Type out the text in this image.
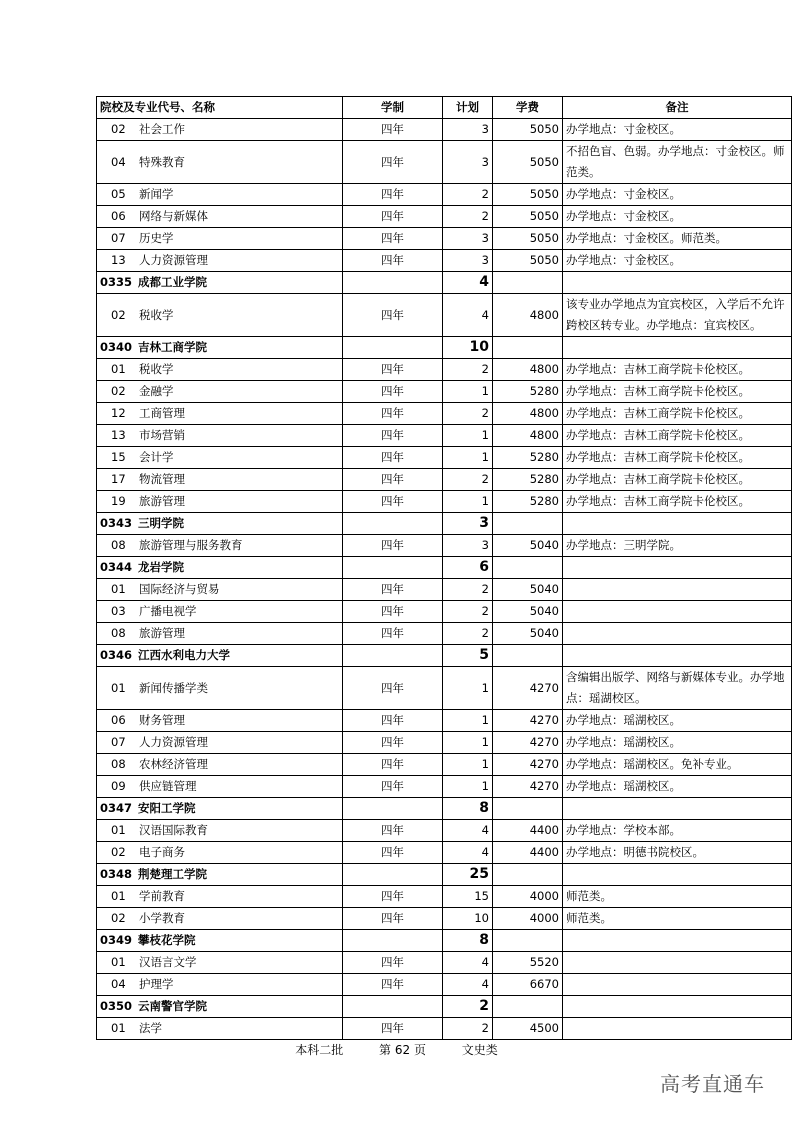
院校及专业代号、名称	学制	计划	学费	备注
02 社会工作	四年	3	5050	办学地点：寸金校区。
04 特殊教育	四年	3	5050	不招色盲、色弱。办学地点：寸金校区。师范类。
05 新闻学	四年	2	5050	办学地点：寸金校区。
06 网络与新媒体	四年	2	5050	办学地点：寸金校区。
07 历史学	四年	3	5050	办学地点：寸金校区。师范类。
13 人力资源管理	四年	3	5050	办学地点：寸金校区。
0335 成都工业学院		4		
02 税收学	四年	4	4800	该专业办学地点为宜宾校区，入学后不允许跨校区转专业。办学地点：宜宾校区。
0340 吉林工商学院		10		
01 税收学	四年	2	4800	办学地点：吉林工商学院卡伦校区。
02 金融学	四年	1	5280	办学地点：吉林工商学院卡伦校区。
12 工商管理	四年	2	4800	办学地点：吉林工商学院卡伦校区。
13 市场营销	四年	1	4800	办学地点：吉林工商学院卡伦校区。
15 会计学	四年	1	5280	办学地点：吉林工商学院卡伦校区。
17 物流管理	四年	2	5280	办学地点：吉林工商学院卡伦校区。
19 旅游管理	四年	1	5280	办学地点：吉林工商学院卡伦校区。
0343 三明学院		3		
08 旅游管理与服务教育	四年	3	5040	办学地点：三明学院。
0344 龙岩学院		6		
01 国际经济与贸易	四年	2	5040	
03 广播电视学	四年	2	5040	
08 旅游管理	四年	2	5040	
0346 江西水利电力大学		5		
01 新闻传播学类	四年	1	4270	含编辑出版学、网络与新媒体专业。办学地点：瑶湖校区。
06 财务管理	四年	1	4270	办学地点：瑶湖校区。
07 人力资源管理	四年	1	4270	办学地点：瑶湖校区。
08 农林经济管理	四年	1	4270	办学地点：瑶湖校区。免补专业。
09 供应链管理	四年	1	4270	办学地点：瑶湖校区。
0347 安阳工学院		8		
01 汉语国际教育	四年	4	4400	办学地点：学校本部。
02 电子商务	四年	4	4400	办学地点：明德书院校区。
0348 荆楚理工学院		25		
01 学前教育	四年	15	4000	师范类。
02 小学教育	四年	10	4000	师范类。
0349 攀枝花学院		8		
01 汉语言文学	四年	4	5520	
04 护理学	四年	4	6670	
0350 云南警官学院		2		
01 法学	四年	2	4500	
本科二批	第 62 页	文史类
高考直通车
